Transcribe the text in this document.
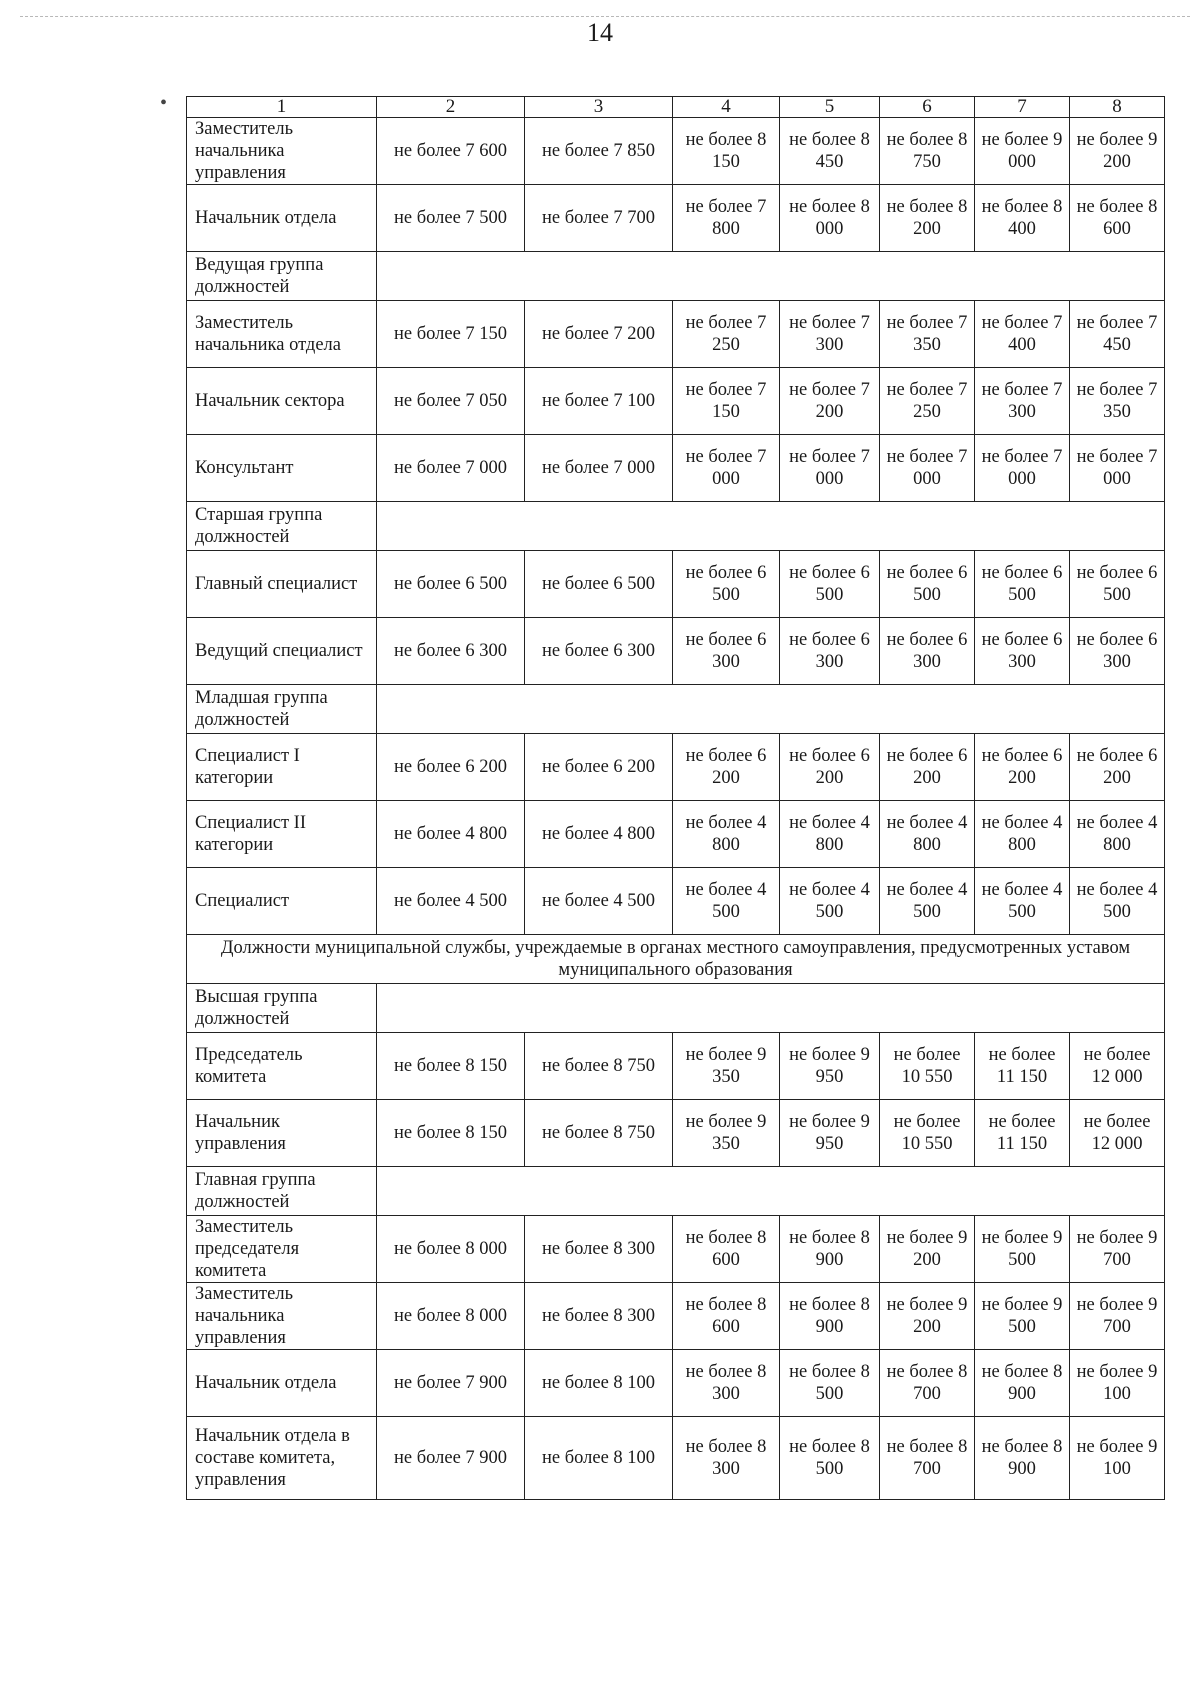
14
•	1	2	3	4	5	6	7	8
Заместитель начальника управления	не более 7 600	не более 7 850	не более 8 150	не более 8 450	не более 8 750	не более 9 000	не более 9 200
Начальник отдела	не более 7 500	не более 7 700	не более 7 800	не более 8 000	не более 8 200	не более 8 400	не более 8 600
Ведущая группа должностей							
Заместитель начальника отдела	не более 7 150	не более 7 200	не более 7 250	не более 7 300	не более 7 350	не более 7 400	не более 7 450
Начальник сектора	не более 7 050	не более 7 100	не более 7 150	не более 7 200	не более 7 250	не более 7 300	не более 7 350
Консультант	не более 7 000	не более 7 000	не более 7 000	не более 7 000	не более 7 000	не более 7 000	не более 7 000
Старшая группа должностей							
Главный специалист	не более 6 500	не более 6 500	не более 6 500	не более 6 500	не более 6 500	не более 6 500	не более 6 500
Ведущий специалист	не более 6 300	не более 6 300	не более 6 300	не более 6 300	не более 6 300	не более 6 300	не более 6 300
Младшая группа должностей							
Специалист I категории	не более 6 200	не более 6 200	не более 6 200	не более 6 200	не более 6 200	не более 6 200	не более 6 200
Специалист II категории	не более 4 800	не более 4 800	не более 4 800	не более 4 800	не более 4 800	не более 4 800	не более 4 800
Специалист	не более 4 500	не более 4 500	не более 4 500	не более 4 500	не более 4 500	не более 4 500	не более 4 500
Должности муниципальной службы, учреждаемые в органах местного самоуправления, предусмотренных уставом муниципального образования							
Высшая группа должностей							
Председатель комитета	не более 8 150	не более 8 750	не более 9 350	не более 9 950	не более 10 550	не более 11 150	не более 12 000
Начальник управления	не более 8 150	не более 8 750	не более 9 350	не более 9 950	не более 10 550	не более 11 150	не более 12 000
Главная группа должностей							
Заместитель председателя комитета	не более 8 000	не более 8 300	не более 8 600	не более 8 900	не более 9 200	не более 9 500	не более 9 700
Заместитель начальника управления	не более 8 000	не более 8 300	не более 8 600	не более 8 900	не более 9 200	не более 9 500	не более 9 700
Начальник отдела	не более 7 900	не более 8 100	не более 8 300	не более 8 500	не более 8 700	не более 8 900	не более 9 100
Начальник отдела в составе комитета, управления	не более 7 900	не более 8 100	не более 8 300	не более 8 500	не более 8 700	не более 8 900	не более 9 100
